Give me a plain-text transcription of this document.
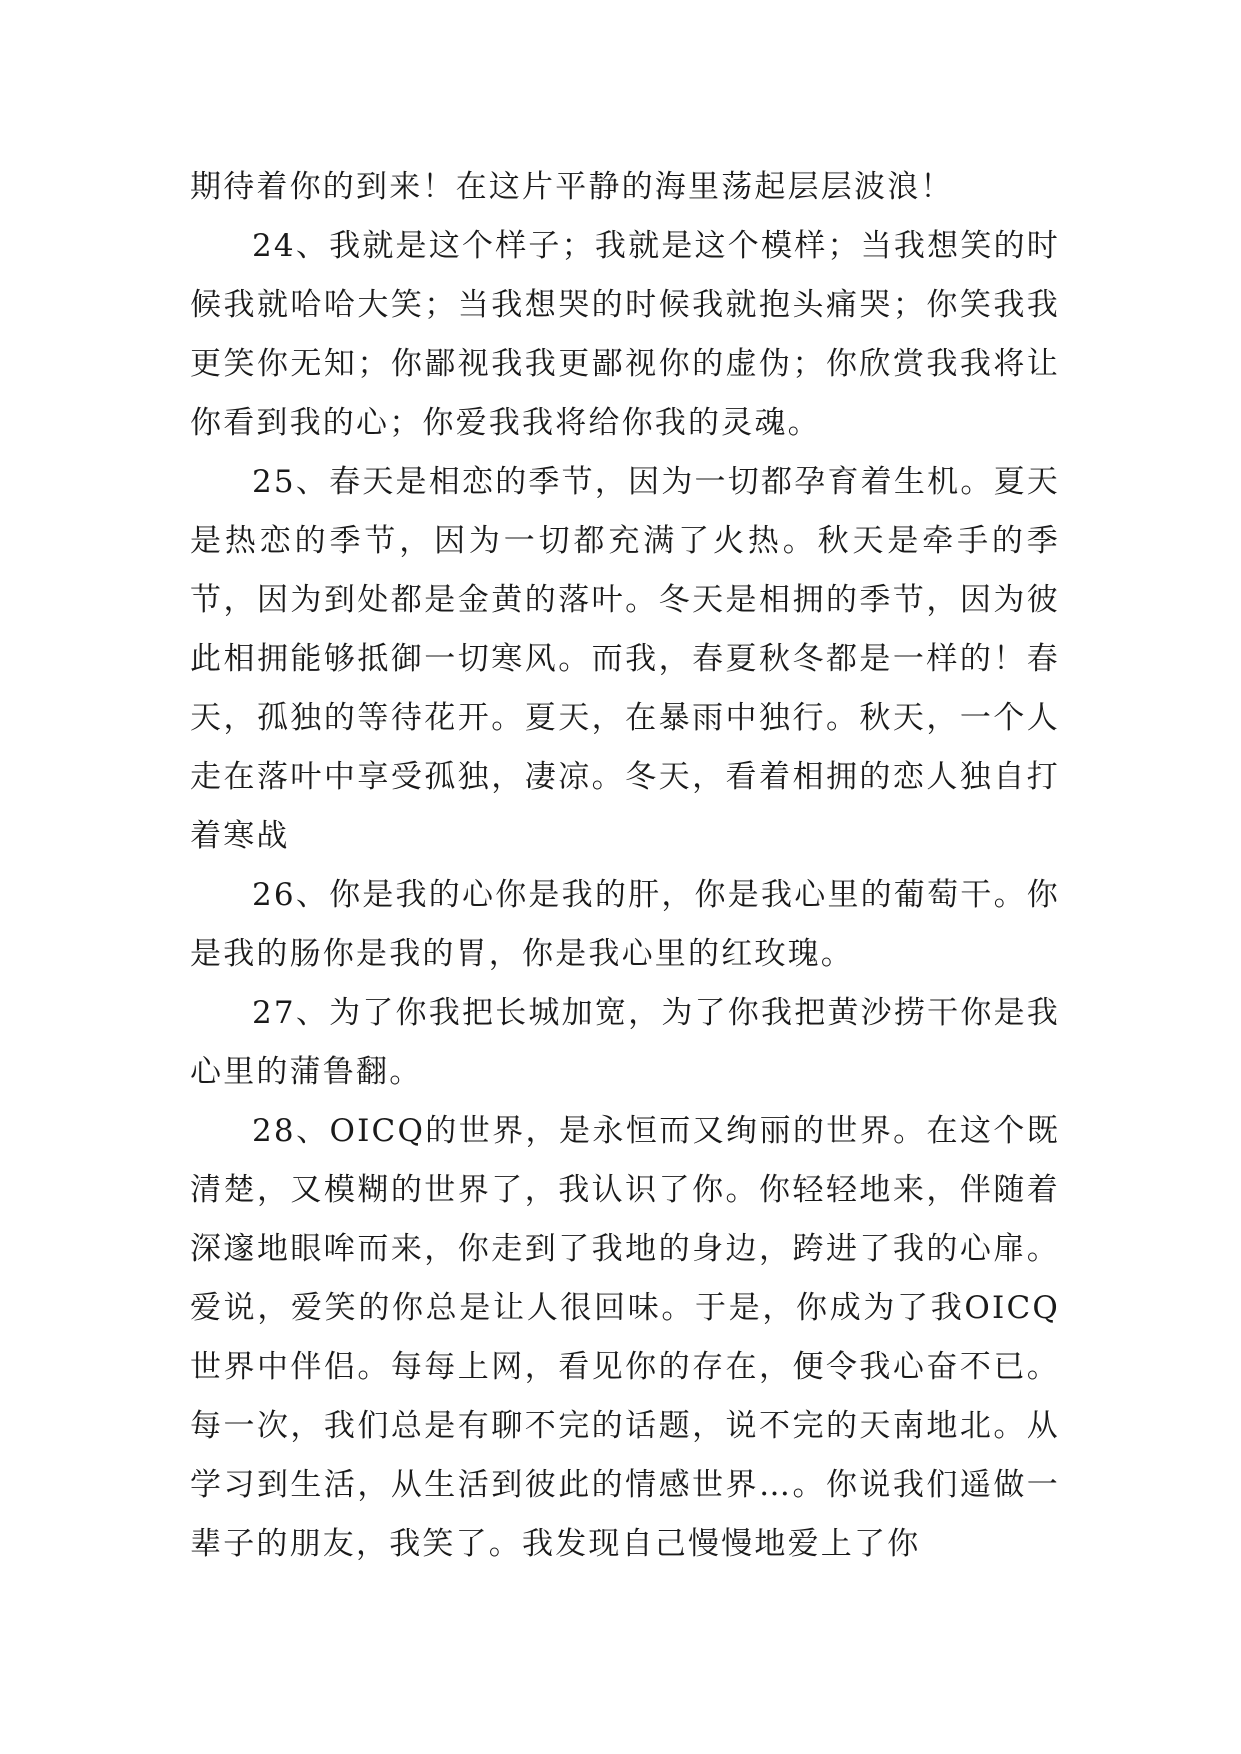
期待着你的到来！在这片平静的海里荡起层层波浪！

24、我就是这个样子；我就是这个模样；当我想笑的时候我就哈哈大笑；当我想哭的时候我就抱头痛哭；你笑我我更笑你无知；你鄙视我我更鄙视你的虚伪；你欣赏我我将让你看到我的心；你爱我我将给你我的灵魂。

25、春天是相恋的季节，因为一切都孕育着生机。夏天是热恋的季节，因为一切都充满了火热。秋天是牵手的季节，因为到处都是金黄的落叶。冬天是相拥的季节，因为彼此相拥能够抵御一切寒风。而我，春夏秋冬都是一样的！春天，孤独的等待花开。夏天，在暴雨中独行。秋天，一个人走在落叶中享受孤独，凄凉。冬天，看着相拥的恋人独自打着寒战

26、你是我的心你是我的肝，你是我心里的葡萄干。你是我的肠你是我的胃，你是我心里的红玫瑰。

27、为了你我把长城加宽，为了你我把黄沙捞干你是我心里的蒲鲁翻。

28、OICQ的世界，是永恒而又绚丽的世界。在这个既清楚，又模糊的世界了，我认识了你。你轻轻地来，伴随着深邃地眼哞而来，你走到了我地的身边，跨进了我的心扉。爱说，爱笑的你总是让人很回味。于是，你成为了我OICQ世界中伴侣。每每上网，看见你的存在，便令我心奋不已。每一次，我们总是有聊不完的话题，说不完的天南地北。从学习到生活，从生活到彼此的情感世界…。你说我们遥做一辈子的朋友，我笑了。我发现自己慢慢地爱上了你
